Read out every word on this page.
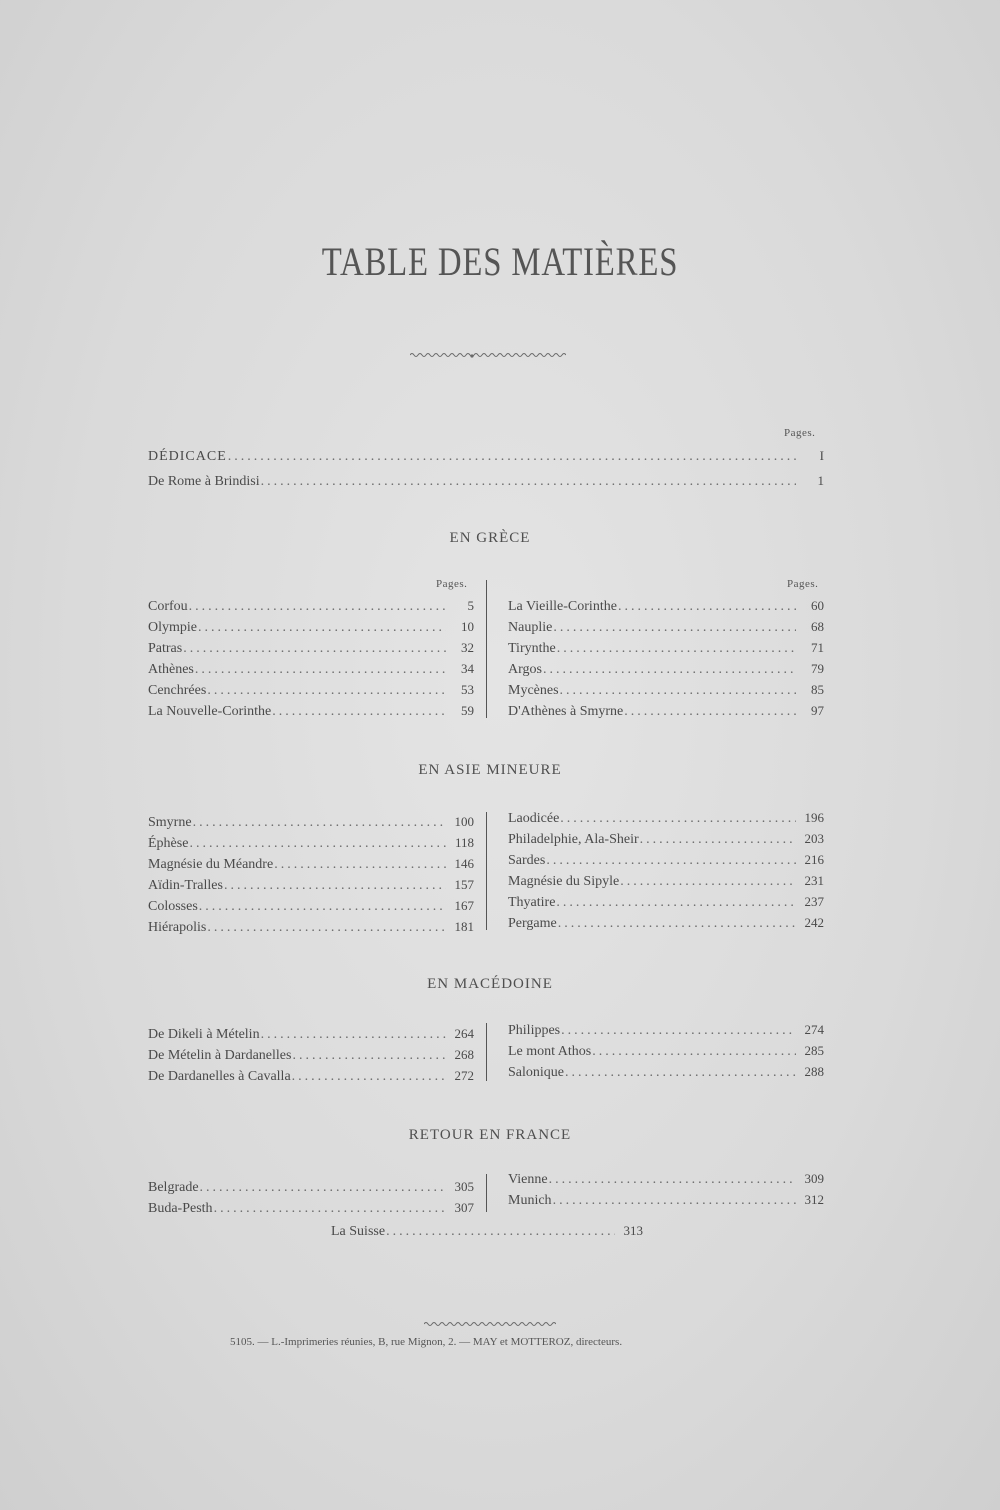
TABLE DES MATIÈRES
Pages.
DÉDICACE .....	I
De Rome à Brindisi .....	1
EN GRÈCE
Pages.	Pages.
Corfou .....	5
Olympie .....	10
Patras .....	32
Athènes .....	34
Cenchrées .....	53
La Nouvelle-Corinthe .....	59
La Vieille-Corinthe .....	60
Nauplie .....	68
Tirynthe .....	71
Argos .....	79
Mycènes .....	85
D'Athènes à Smyrne .....	97
EN ASIE MINEURE
Smyrne .....	100
Éphèse .....	118
Magnésie du Méandre .....	146
Aïdin-Tralles .....	157
Colosses .....	167
Hiérapolis .....	181
Laodicée .....	196
Philadelphie, Ala-Sheir .....	203
Sardes .....	216
Magnésie du Sipyle .....	231
Thyatire .....	237
Pergame .....	242
EN MACÉDOINE
De Dikeli à Mételin .....	264
De Mételin à Dardanelles .....	268
De Dardanelles à Cavalla .....	272
Philippes .....	274
Le mont Athos .....	285
Salonique .....	288
RETOUR EN FRANCE
Belgrade .....	305
Buda-Pesth .....	307
Vienne .....	309
Munich .....	312
La Suisse .....	313
5105. — L.-Imprimeries réunies, B, rue Mignon, 2. — MAY et MOTTEROZ, directeurs.
